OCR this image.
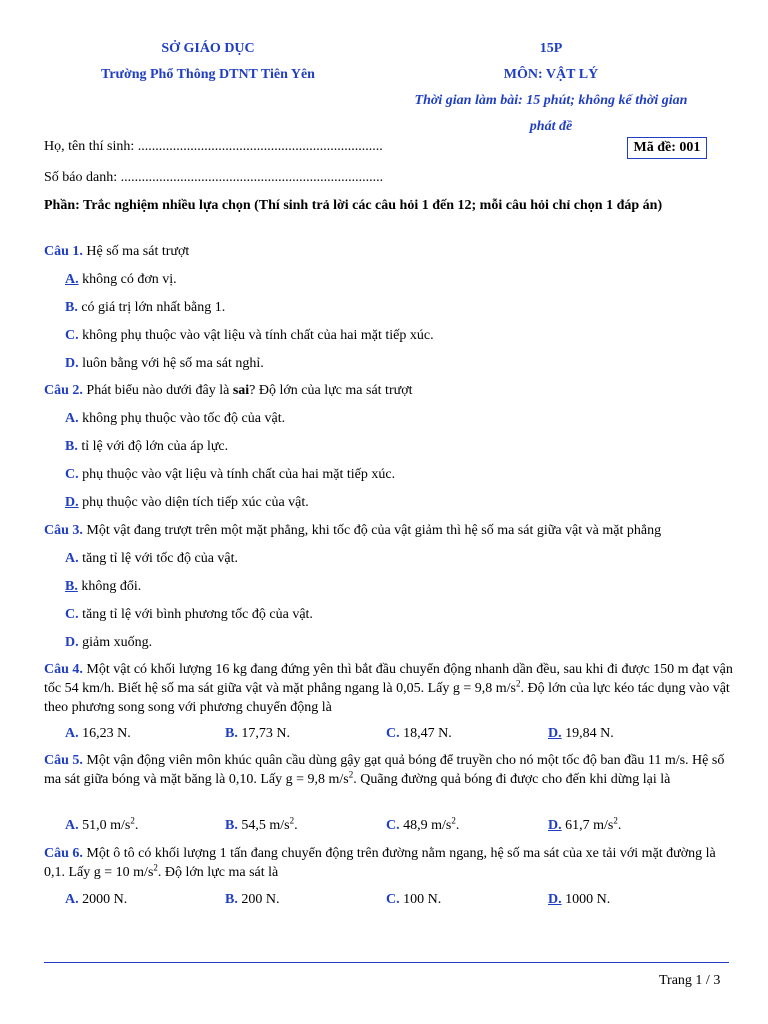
SỞ GIÁO DỤC
Trường Phổ Thông DTNT Tiên Yên
15P
MÔN: VẬT LÝ
Thời gian làm bài: 15 phút; không kể thời gian
phát đề
Họ, tên thí sinh: ......................................................................	Mã đề: 001
Số báo danh: ...........................................................................
Phần: Trắc nghiệm nhiều lựa chọn (Thí sinh trả lời các câu hỏi 1 đến 12; mỗi câu hỏi chỉ chọn 1 đáp án)
Câu 1. Hệ số ma sát trượt
A. không có đơn vị.
B. có giá trị lớn nhất bằng 1.
C. không phụ thuộc vào vật liệu và tính chất của hai mặt tiếp xúc.
D. luôn bằng với hệ số ma sát nghỉ.
Câu 2. Phát biểu nào dưới đây là sai? Độ lớn của lực ma sát trượt
A. không phụ thuộc vào tốc độ của vật.
B. tỉ lệ với độ lớn của áp lực.
C. phụ thuộc vào vật liệu và tính chất của hai mặt tiếp xúc.
D. phụ thuộc vào diện tích tiếp xúc của vật.
Câu 3. Một vật đang trượt trên một mặt phẳng, khi tốc độ của vật giảm thì hệ số ma sát giữa vật và mặt phẳng
A. tăng tỉ lệ với tốc độ của vật.
B. không đổi.
C. tăng tỉ lệ với bình phương tốc độ của vật.
D. giảm xuống.
Câu 4. Một vật có khối lượng 16 kg đang đứng yên thì bắt đầu chuyển động nhanh dần đều, sau khi đi được 150 m đạt vận tốc 54 km/h. Biết hệ số ma sát giữa vật và mặt phẳng ngang là 0,05. Lấy g = 9,8 $m/s^2$. Độ lớn của lực kéo tác dụng vào vật theo phương song song với phương chuyển động là
A. 16,23 N.	B. 17,73 N.	C. 18,47 N.	D. 19,84 N.
Câu 5. Một vận động viên môn khúc quân cầu dùng gậy gạt quả bóng để truyền cho nó một tốc độ ban đầu 11 m/s. Hệ số ma sát giữa bóng và mặt băng là 0,10. Lấy g = 9,8 $m/s^2$. Quãng đường quả bóng đi được cho đến khi dừng lại là
A. 51,0 $m/s^2$.	B. 54,5 $m/s^2$.	C. 48,9 $m/s^2$.	D. 61,7 $m/s^2$.
Câu 6. Một ô tô có khối lượng 1 tấn đang chuyển động trên đường nằm ngang, hệ số ma sát của xe tải với mặt đường là 0,1. Lấy g = 10 $m/s^2$. Độ lớn lực ma sát là
A. 2000 N.	B. 200 N.	C. 100 N.	D. 1000 N.
Trang 1 / 3
